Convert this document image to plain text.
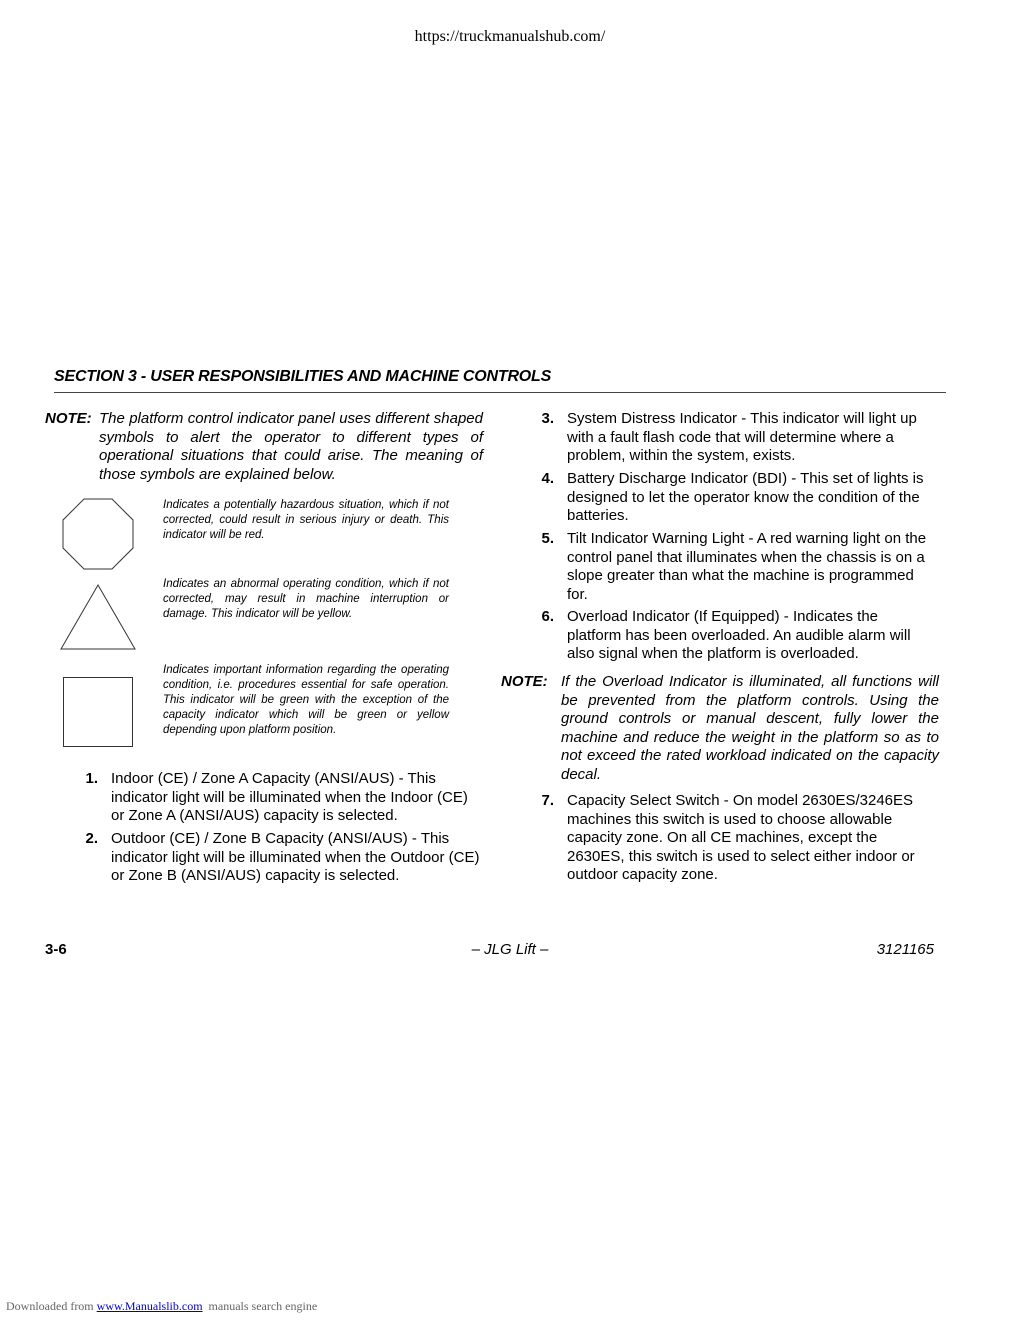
https://truckmanualshub.com/
SECTION 3 - USER RESPONSIBILITIES AND MACHINE CONTROLS
NOTE: The platform control indicator panel uses different shaped symbols to alert the operator to different types of operational situations that could arise. The meaning of those symbols are explained below.
Indicates a potentially hazardous situation, which if not corrected, could result in serious injury or death. This indicator will be red.
Indicates an abnormal operating condition, which if not corrected, may result in machine interruption or damage. This indicator will be yellow.
Indicates important information regarding the operating condition, i.e. procedures essential for safe operation. This indicator will be green with the exception of the capacity indicator which will be green or yellow depending upon platform position.
1. Indoor (CE) / Zone A Capacity (ANSI/AUS) - This indicator light will be illuminated when the Indoor (CE) or Zone A (ANSI/AUS) capacity is selected.
2. Outdoor (CE) / Zone B Capacity (ANSI/AUS) - This indicator light will be illuminated when the Outdoor (CE) or Zone B (ANSI/AUS) capacity is selected.
3. System Distress Indicator - This indicator will light up with a fault flash code that will determine where a problem, within the system, exists.
4. Battery Discharge Indicator (BDI) - This set of lights is designed to let the operator know the condition of the batteries.
5. Tilt Indicator Warning Light - A red warning light on the control panel that illuminates when the chassis is on a slope greater than what the machine is programmed for.
6. Overload Indicator (If Equipped) - Indicates the platform has been overloaded. An audible alarm will also signal when the platform is overloaded.
NOTE: If the Overload Indicator is illuminated, all functions will be prevented from the platform controls. Using the ground controls or manual descent, fully lower the machine and reduce the weight in the platform so as to not exceed the rated workload indicated on the capacity decal.
7. Capacity Select Switch - On model 2630ES/3246ES machines this switch is used to choose allowable capacity zone. On all CE machines, except the 2630ES, this switch is used to select either indoor or outdoor capacity zone.
3-6	– JLG Lift –	3121165
Downloaded from www.Manualslib.com  manuals search engine
